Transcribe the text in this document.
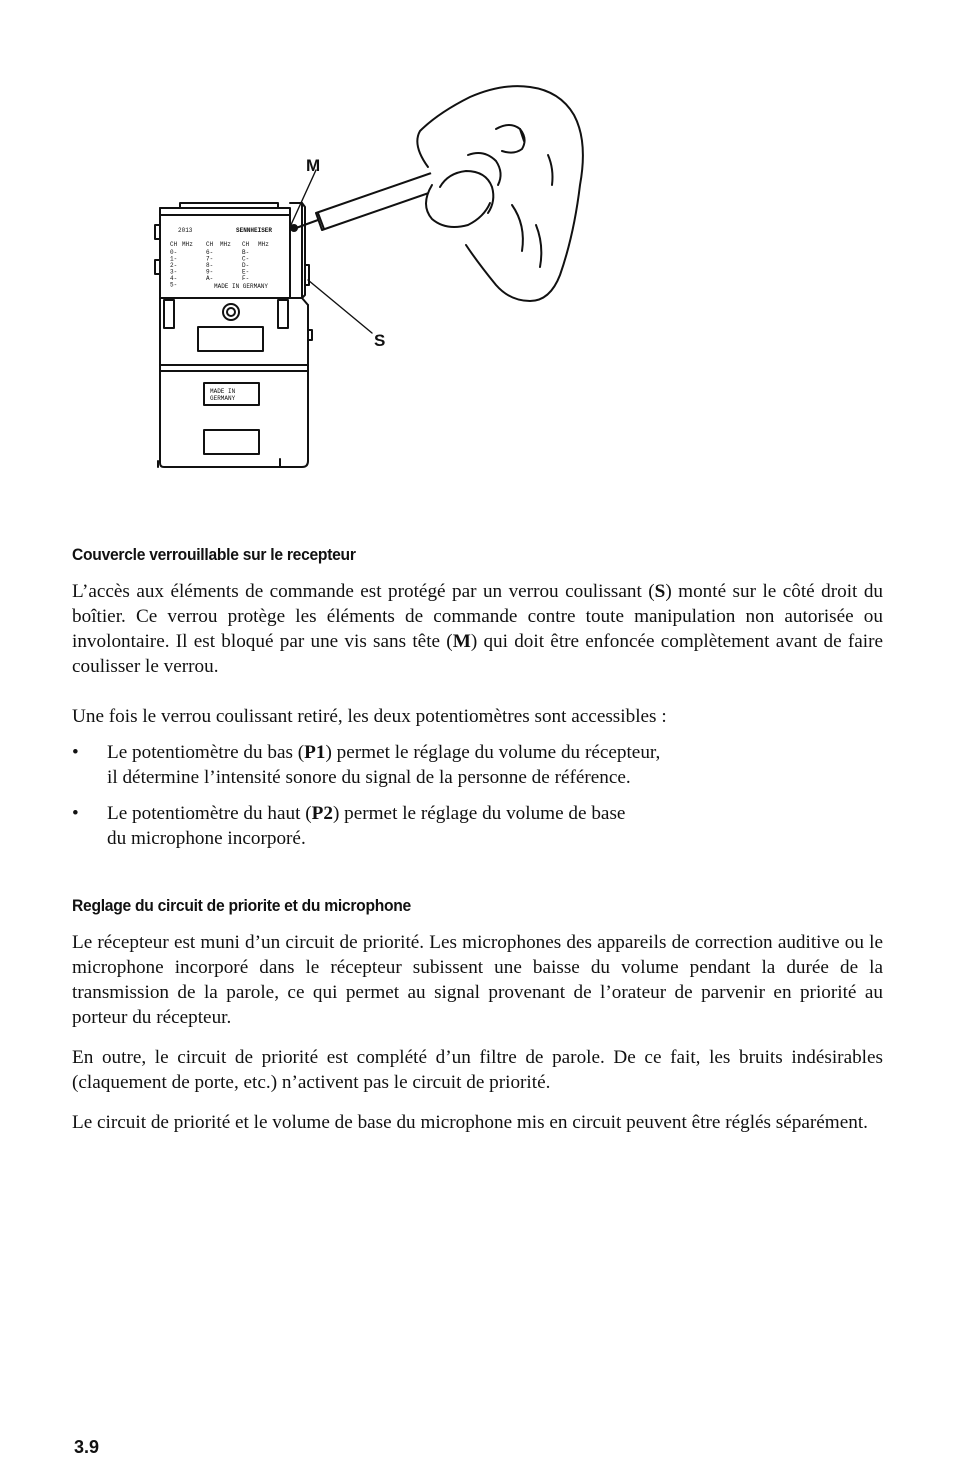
2013	SENNHEISER
MADE IN GERMANY
MADE IN
GERMANY
CH MHz CH MHz CH MHz
0-
1-
2-
3-
4-
5-
6-
7-
8-
9-
A-
B-
C-
D-
E-
F-
M
S
Couvercle verrouillable sur le recepteur

L’accès aux éléments de commande est protégé par un verrou coulissant (S) monté sur le côté droit du boîtier. Ce verrou protège les éléments de commande contre toute manipulation non autorisée ou involontaire. Il est bloqué par une vis sans tête (M) qui doit être enfoncée complètement avant de faire coulisser le verrou.

Une fois le verrou coulissant retiré, les deux potentiomètres sont accessibles :

• Le potentiomètre du bas (P1) permet le réglage du volume du récepteur,
il détermine l’intensité sonore du signal de la personne de référence.
• Le potentiomètre du haut (P2) permet le réglage du volume de base
du microphone incorporé.
Reglage du circuit de priorite et du microphone

Le récepteur est muni d’un circuit de priorité. Les microphones des appareils de correction auditive ou le microphone incorporé dans le récepteur subissent une baisse du volume pendant la durée de la transmission de la parole, ce qui permet au signal provenant de l’orateur de parvenir en priorité au porteur du récepteur.

En outre, le circuit de priorité est complété d’un filtre de parole. De ce fait, les bruits indésirables (claquement de porte, etc.) n’activent pas le circuit de priorité.

Le circuit de priorité et le volume de base du microphone mis en circuit peuvent être réglés séparément.

3.9
